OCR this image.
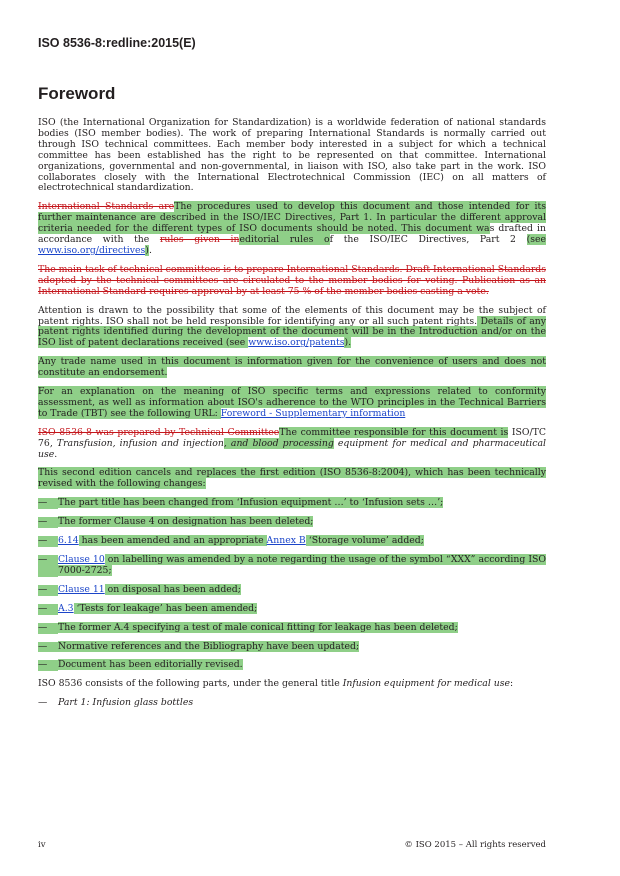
ISO 8536-8:redline:2015(E)
Foreword

ISO (the International Organization for Standardization) is a worldwide federation of national standards bodies (ISO member bodies). The work of preparing International Standards is normally carried out through ISO technical committees. Each member body interested in a subject for which a technical committee has been established has the right to be represented on that committee. International organizations, governmental and non-governmental, in liaison with ISO, also take part in the work. ISO collaborates closely with the International Electrotechnical Commission (IEC) on all matters of electrotechnical standardization.

International Standards areThe procedures used to develop this document and those intended for its further maintenance are described in the ISO/IEC Directives, Part 1. In particular the different approval criteria needed for the different types of ISO documents should be noted. This document was drafted in accordance with the rules given ineditorial rules of the ISO/IEC Directives, Part 2 (see www.iso.org/directives).

The main task of technical committees is to prepare International Standards. Draft International Standards adopted by the technical committees are circulated to the member bodies for voting. Publication as an International Standard requires approval by at least 75 % of the member bodies casting a vote.

Attention is drawn to the possibility that some of the elements of this document may be the subject of patent rights. ISO shall not be held responsible for identifying any or all such patent rights. Details of any patent rights identified during the development of the document will be in the Introduction and/or on the ISO list of patent declarations received (see www.iso.org/patents).

Any trade name used in this document is information given for the convenience of users and does not constitute an endorsement.

For an explanation on the meaning of ISO specific terms and expressions related to conformity assessment, as well as information about ISO's adherence to the WTO principles in the Technical Barriers to Trade (TBT) see the following URL: Foreword - Supplementary information

ISO 8536-8 was prepared by Technical CommitteeThe committee responsible for this document is ISO/TC 76, Transfusion, infusion and injection, and blood processing equipment for medical and pharmaceutical use.

This second edition cancels and replaces the first edition (ISO 8536-8:2004), which has been technically revised with the following changes:

—	The part title has been changed from ‘Infusion equipment …’ to ‘Infusion sets …’;
—	The former Clause 4 on designation has been deleted;
—	6.14 has been amended and an appropriate Annex B ‘Storage volume’ added;
—	Clause 10 on labelling was amended by a note regarding the usage of the symbol “XXX” according ISO 7000-2725;
—	Clause 11 on disposal has been added;
—	A.3 ‘Tests for leakage’ has been amended;
—	The former A.4 specifying a test of male conical fitting for leakage has been deleted;
—	Normative references and the Bibliography have been updated;
—	Document has been editorially revised.

ISO 8536 consists of the following parts, under the general title Infusion equipment for medical use:

—	Part 1: Infusion glass bottles
iv	© ISO 2015 – All rights reserved
